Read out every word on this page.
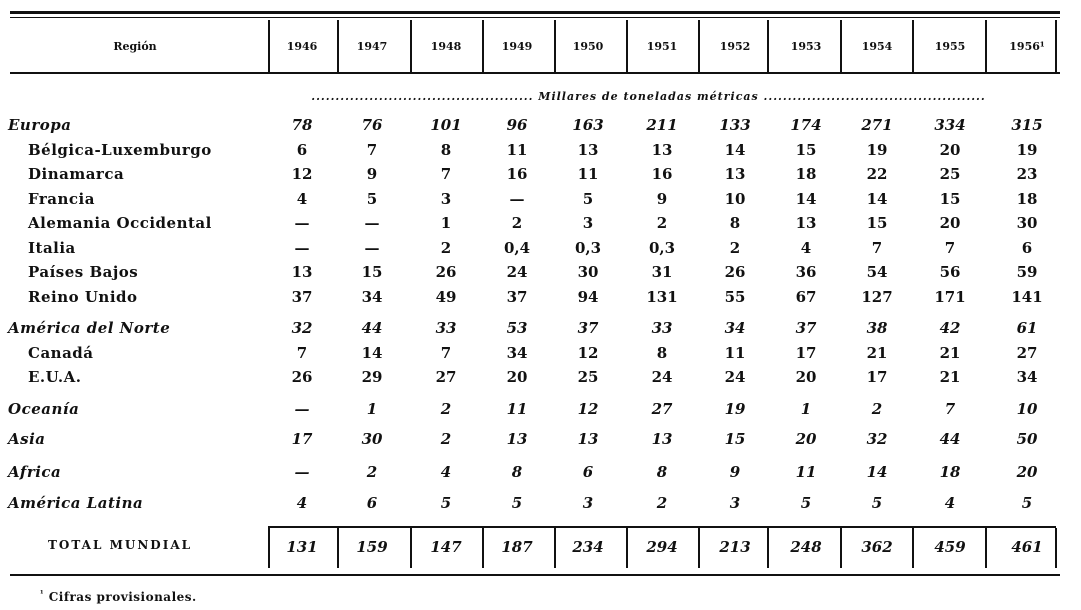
Región	1946	1947	1948	1949	1950	1951	1952	1953	1954	1955	1956¹
.............................................. Millares de toneladas métricas ..............................................
Europa	78	76	101	96	163	211	133	174	271	334	315
Bélgica-Luxemburgo	6	7	8	11	13	13	14	15	19	20	19
Dinamarca	12	9	7	16	11	16	13	18	22	25	23
Francia	4	5	3	—	5	9	10	14	14	15	18
Alemania Occidental	—	—	1	2	3	2	8	13	15	20	30
Italia	—	—	2	0,4	0,3	0,3	2	4	7	7	6
Países Bajos	13	15	26	24	30	31	26	36	54	56	59
Reino Unido	37	34	49	37	94	131	55	67	127	171	141
América del Norte	32	44	33	53	37	33	34	37	38	42	61
Canadá	7	14	7	34	12	8	11	17	21	21	27
E.U.A.	26	29	27	20	25	24	24	20	17	21	34
Oceanía	—	1	2	11	12	27	19	1	2	7	10
Asia	17	30	2	13	13	13	15	20	32	44	50
Africa	—	2	4	8	6	8	9	11	14	18	20
América Latina	4	6	5	5	3	2	3	5	5	4	5
TOTAL MUNDIAL	131	159	147	187	234	294	213	248	362	459	461
$^{^1}$ Cifras provisionales.
